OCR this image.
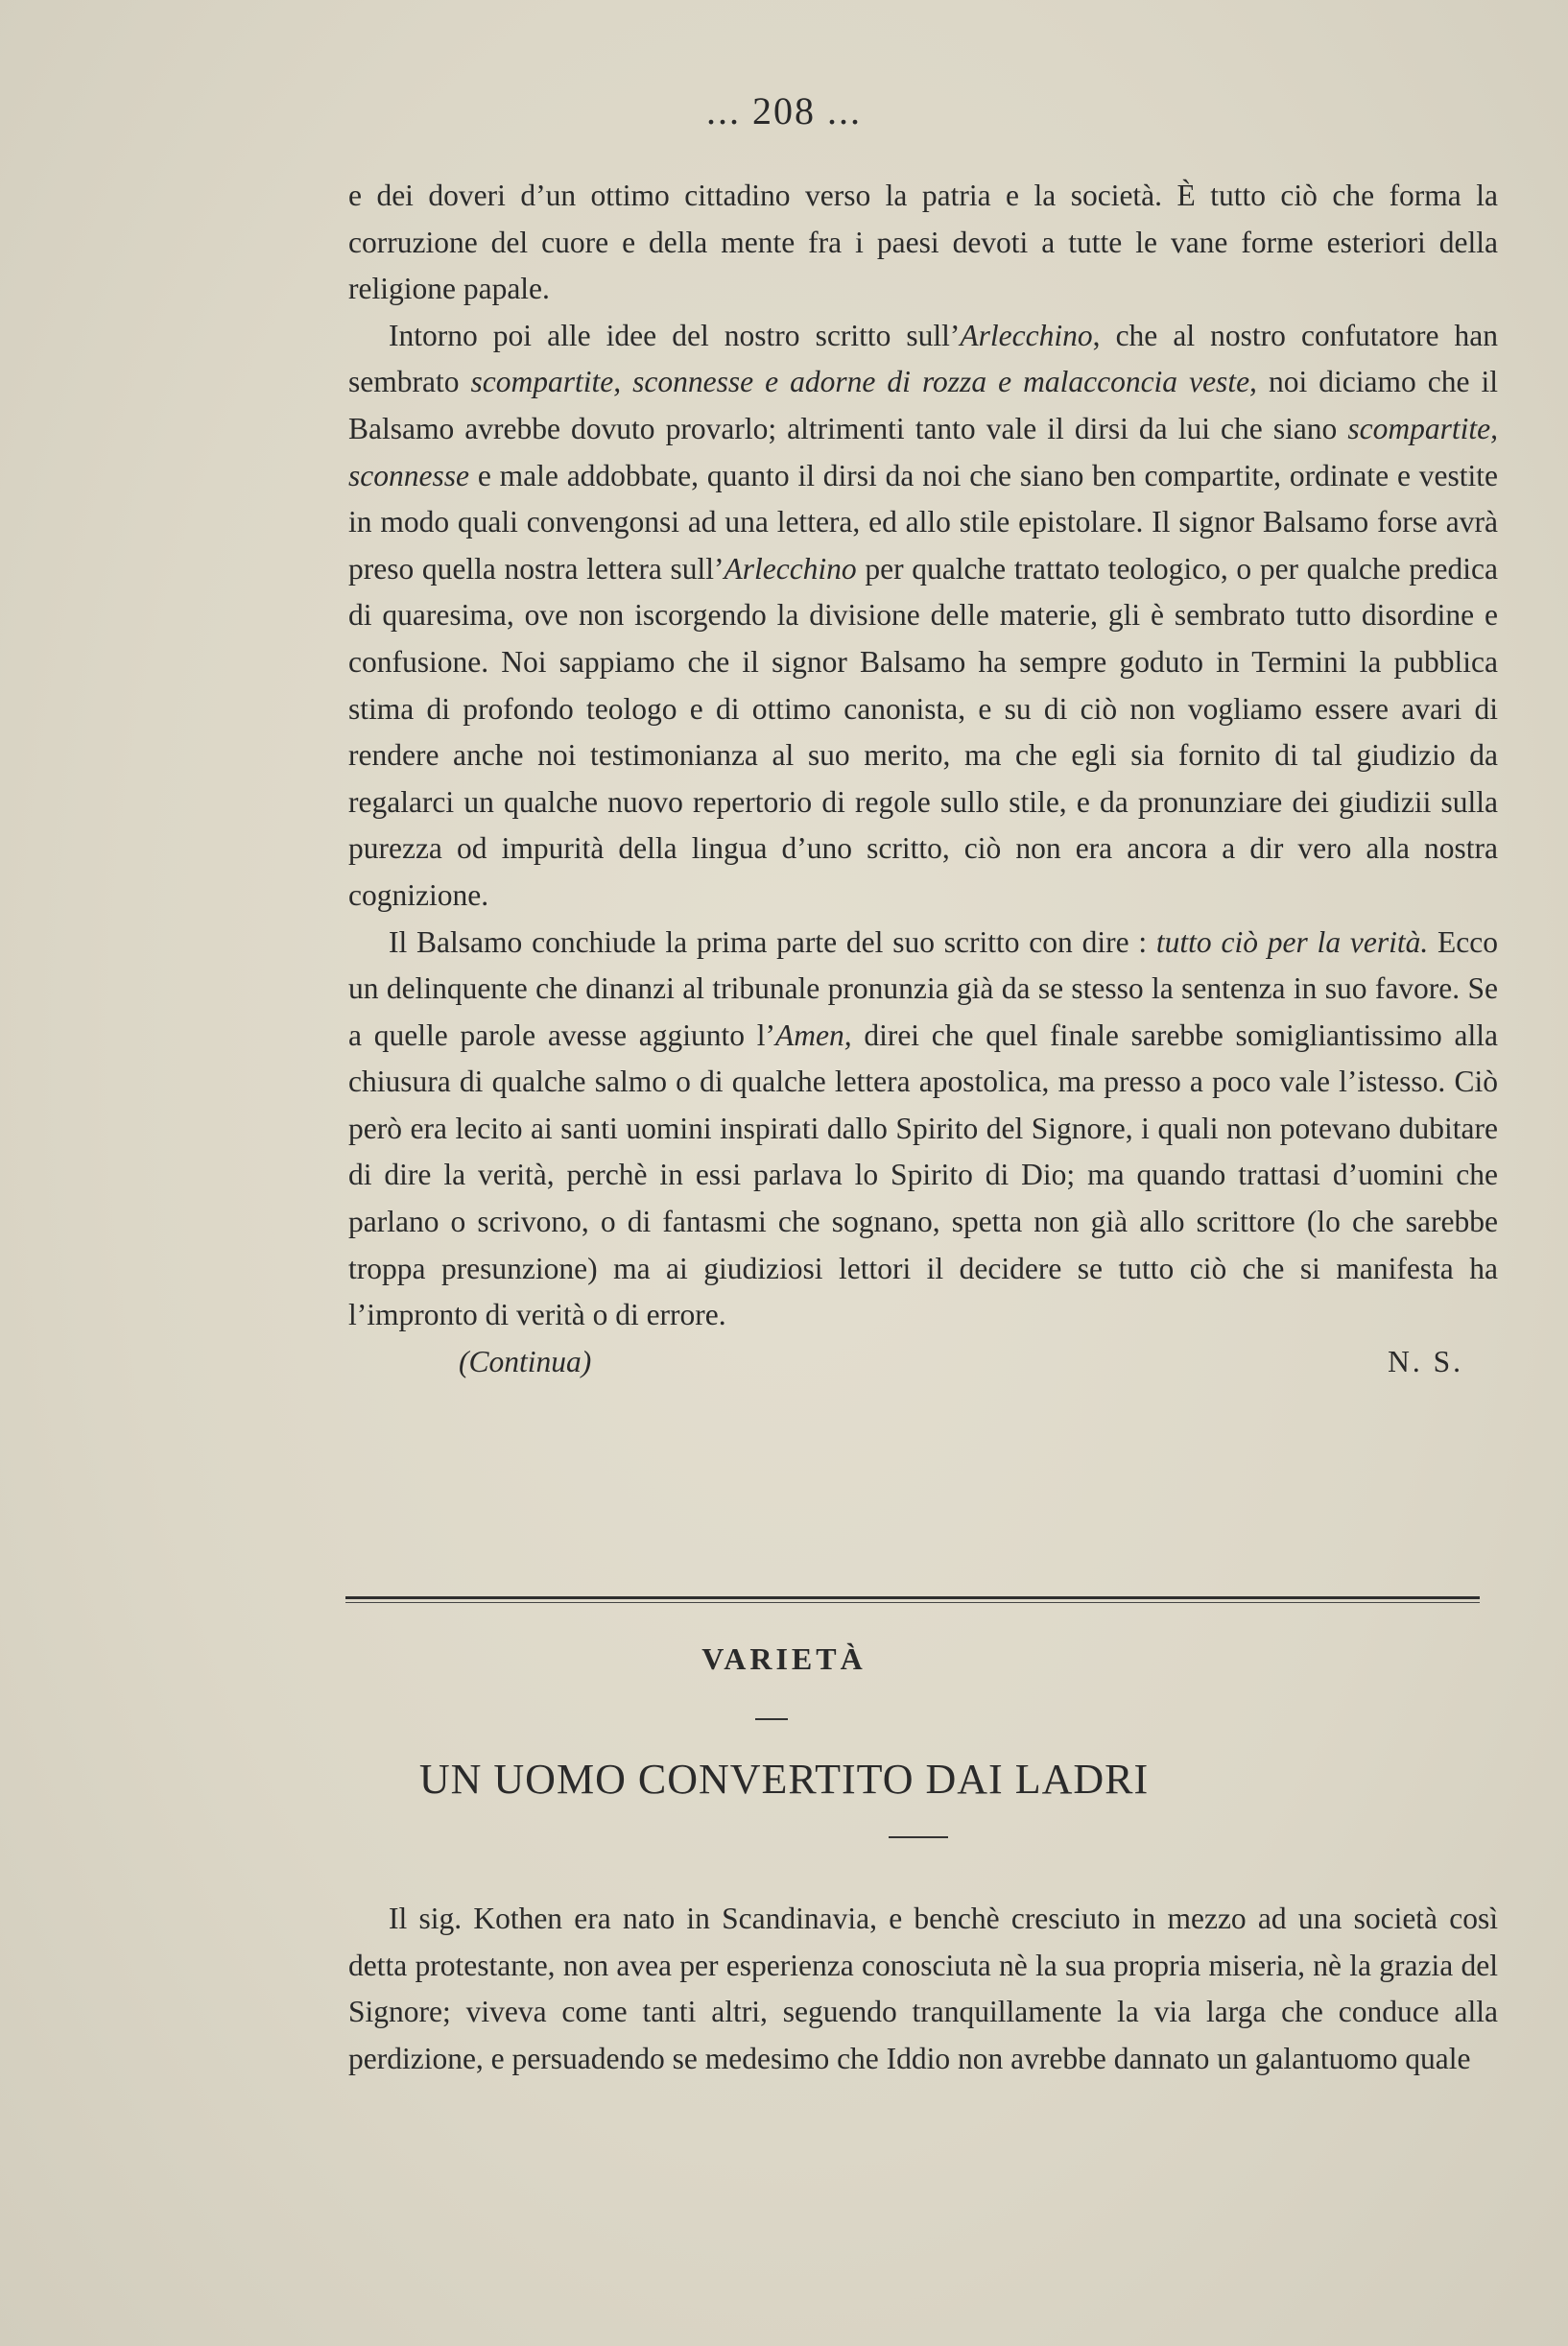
... 208 ...

e dei doveri d’un ottimo cittadino verso la patria e la società. È tutto ciò che forma la corruzione del cuore e della mente fra i paesi devoti a tutte le vane forme esteriori della religione papale.

Intorno poi alle idee del nostro scritto sull’Arlecchino, che al nostro confutatore han sembrato scompartite, sconnesse e adorne di rozza e malacconcia veste, noi diciamo che il Balsamo avrebbe dovuto provarlo; altrimenti tanto vale il dirsi da lui che siano scompartite, sconnesse e male addobbate, quanto il dirsi da noi che siano ben compartite, ordinate e vestite in modo quali convengonsi ad una lettera, ed allo stile epistolare. Il signor Balsamo forse avrà preso quella nostra lettera sull’Arlecchino per qualche trattato teologico, o per qualche predica di quaresima, ove non iscorgendo la divisione delle materie, gli è sembrato tutto disordine e confusione. Noi sappiamo che il signor Balsamo ha sempre goduto in Termini la pubblica stima di profondo teologo e di ottimo canonista, e su di ciò non vogliamo essere avari di rendere anche noi testimonianza al suo merito, ma che egli sia fornito di tal giudizio da regalarci un qualche nuovo repertorio di regole sullo stile, e da pronunziare dei giudizii sulla purezza od impurità della lingua d’uno scritto, ciò non era ancora a dir vero alla nostra cognizione.

Il Balsamo conchiude la prima parte del suo scritto con dire : tutto ciò per la verità. Ecco un delinquente che dinanzi al tribunale pronunzia già da se stesso la sentenza in suo favore. Se a quelle parole avesse aggiunto l’Amen, direi che quel finale sarebbe somigliantissimo alla chiusura di qualche salmo o di qualche lettera apostolica, ma presso a poco vale l’istesso. Ciò però era lecito ai santi uomini inspirati dallo Spirito del Signore, i quali non potevano dubitare di dire la verità, perchè in essi parlava lo Spirito di Dio; ma quando trattasi d’uomini che parlano o scrivono, o di fantasmi che sognano, spetta non già allo scrittore (lo che sarebbe troppa presunzione) ma ai giudiziosi lettori il decidere se tutto ciò che si manifesta ha l’impronto di verità o di errore.

(Continua)	N. S.
VARIETÀ
UN UOMO CONVERTITO DAI LADRI

Il sig. Kothen era nato in Scandinavia, e benchè cresciuto in mezzo ad una società così detta protestante, non avea per esperienza conosciuta nè la sua propria miseria, nè la grazia del Signore; viveva come tanti altri, seguendo tranquillamente la via larga che conduce alla perdizione, e persuadendo se medesimo che Iddio non avrebbe dannato un galantuomo quale
